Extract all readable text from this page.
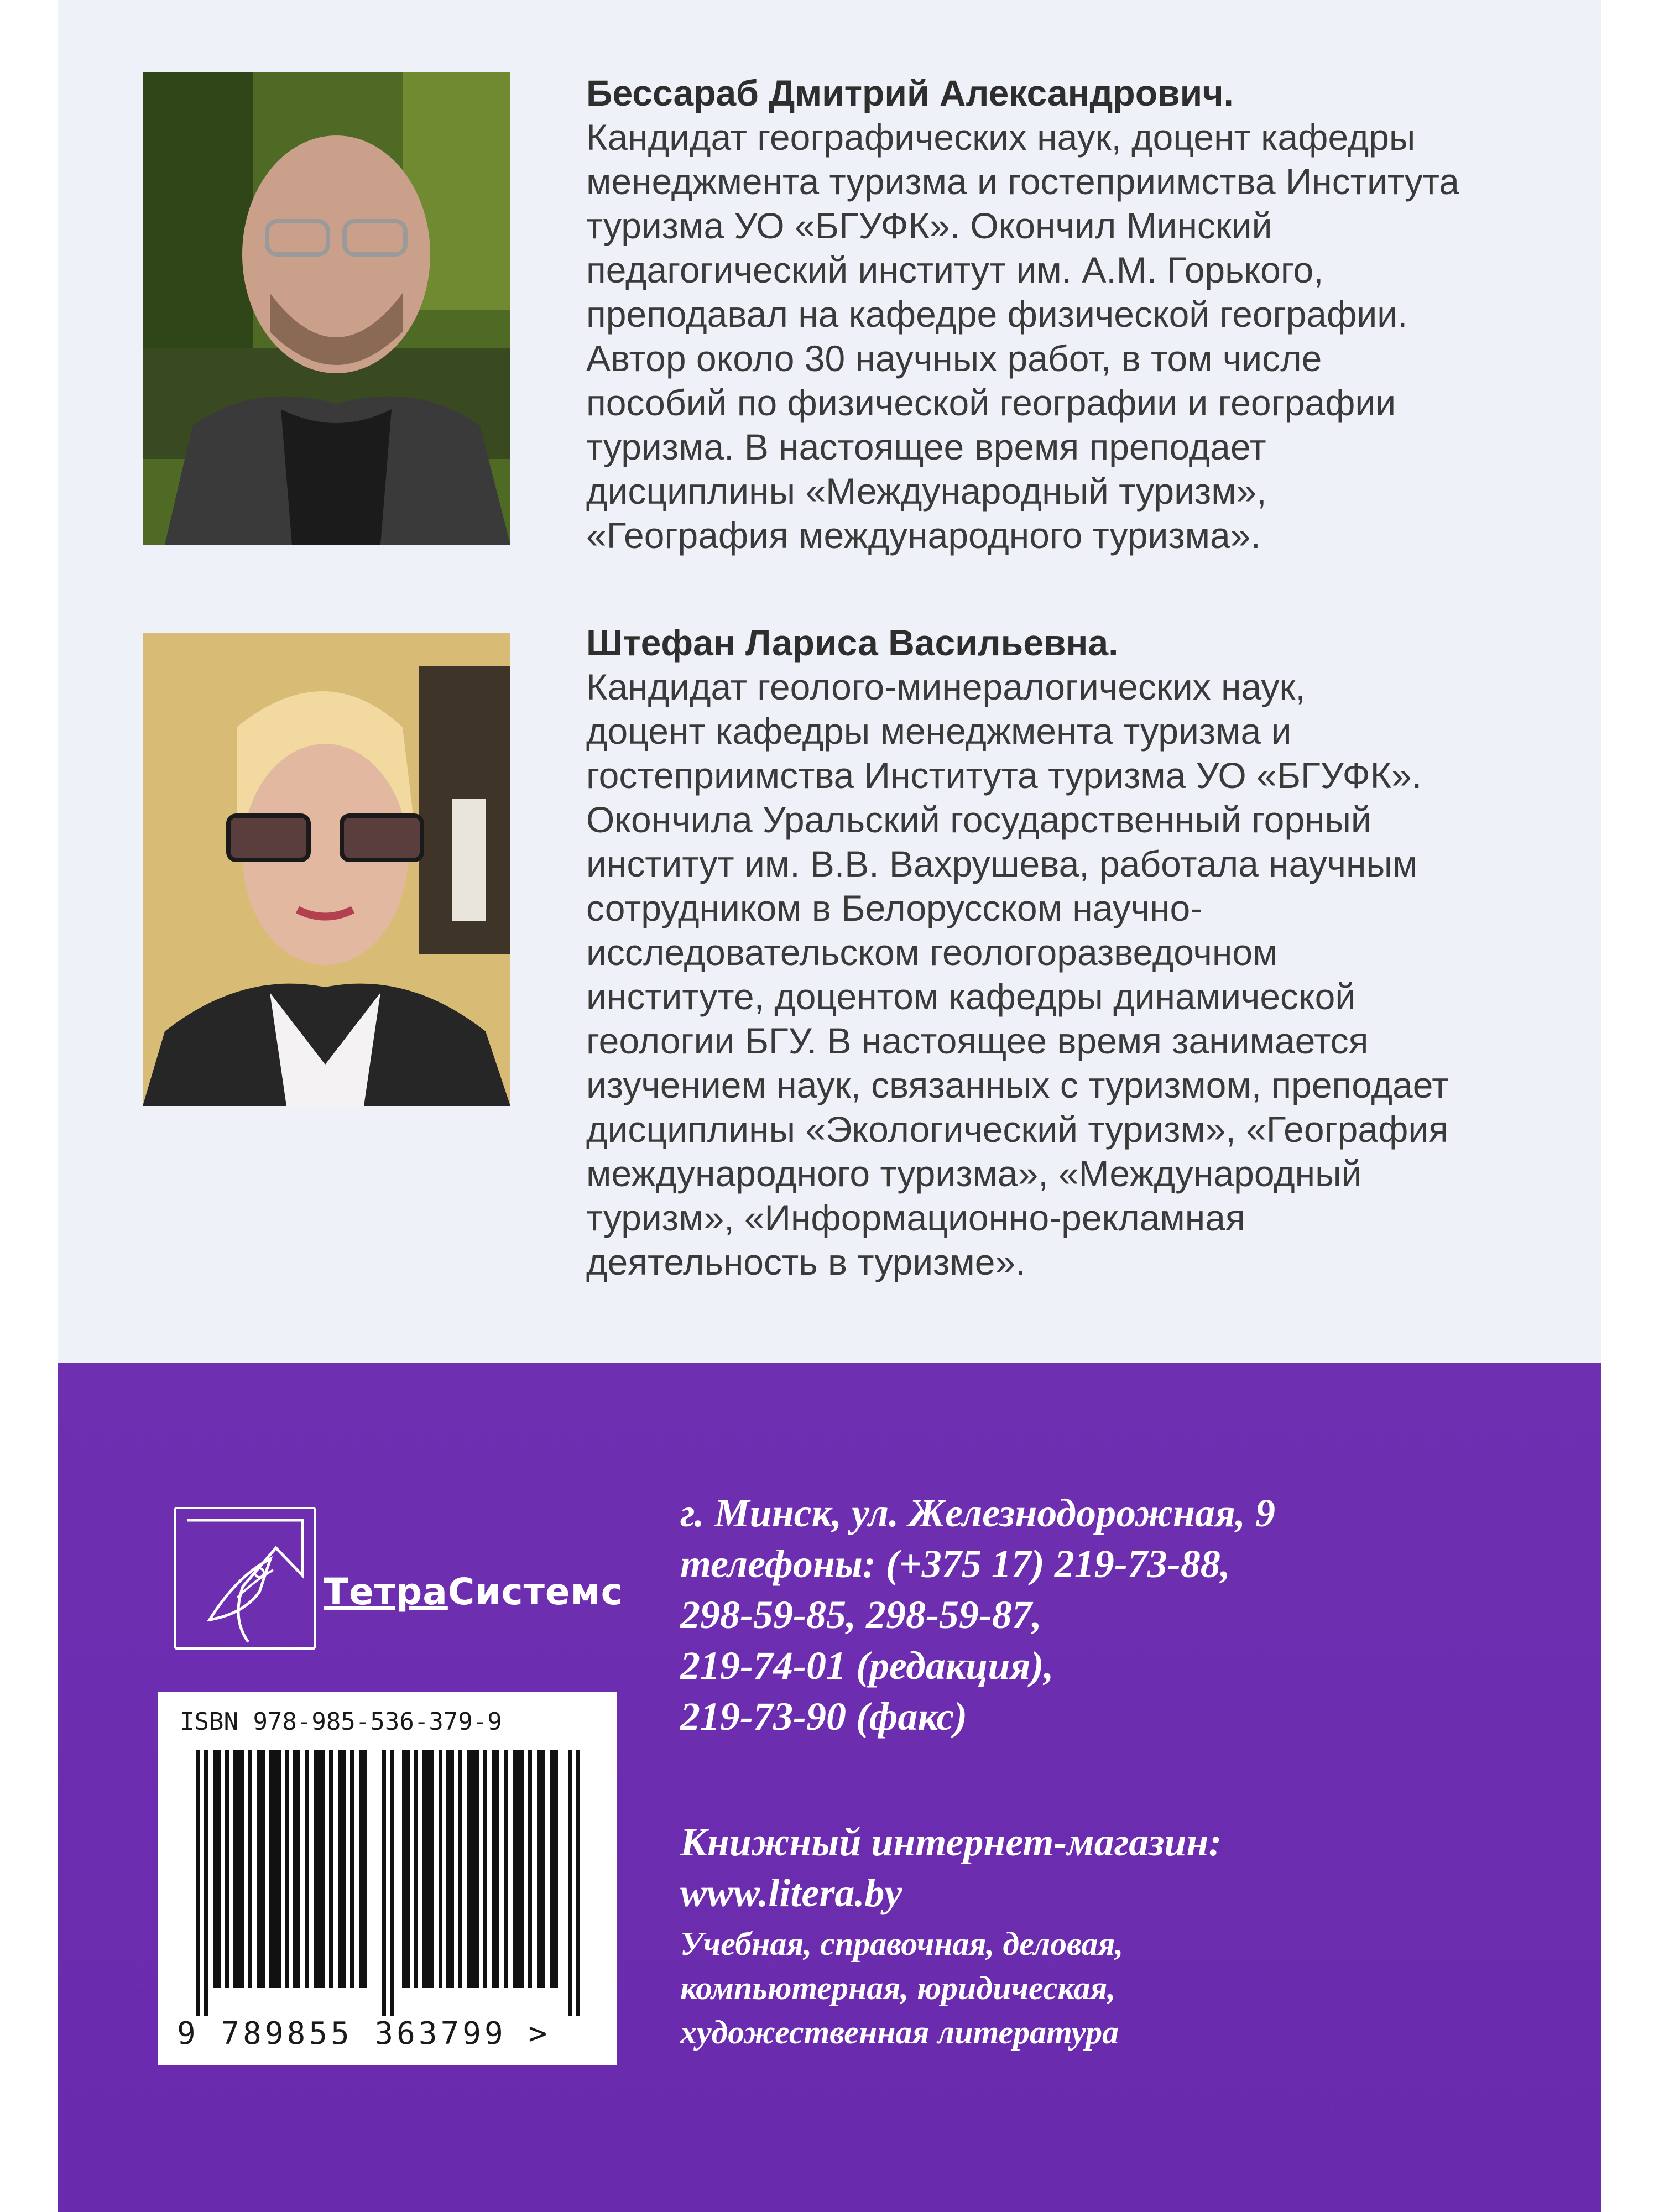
Бессараб Дмитрий Александрович.
Кандидат географических наук, доцент кафедры
менеджмента туризма и гостеприимства Института
туризма УО «БГУФК». Окончил Минский
педагогический институт им. А.М. Горького,
преподавал на кафедре физической географии.
Автор около 30 научных работ, в том числе
пособий по физической географии и географии
туризма. В настоящее время преподает
дисциплины «Международный туризм»,
«География международного туризма».
Штефан Лариса Васильевна.
Кандидат геолого-минералогических наук,
доцент кафедры менеджмента туризма и
гостеприимства Института туризма УО «БГУФК».
Окончила Уральский государственный горный
институт им. В.В. Вахрушева, работала научным
сотрудником в Белорусском научно-
исследовательском геологоразведочном
институте, доцентом кафедры динамической
геологии БГУ. В настоящее время занимается
изучением наук, связанных с туризмом, преподает
дисциплины «Экологический туризм», «География
международного туризма», «Международный
туризм», «Информационно-рекламная
деятельность в туризме».
ТетраСистемс
г. Минск, ул. Железнодорожная, 9
телефоны: (+375 17) 219-73-88,
298-59-85, 298-59-87,
219-74-01 (редакция),
219-73-90 (факс)
ISBN 978-985-536-379-9
9 789855 363799 >
Книжный интернет-магазин:
www.litera.by
Учебная, справочная, деловая,
компьютерная, юридическая,
художественная литература
